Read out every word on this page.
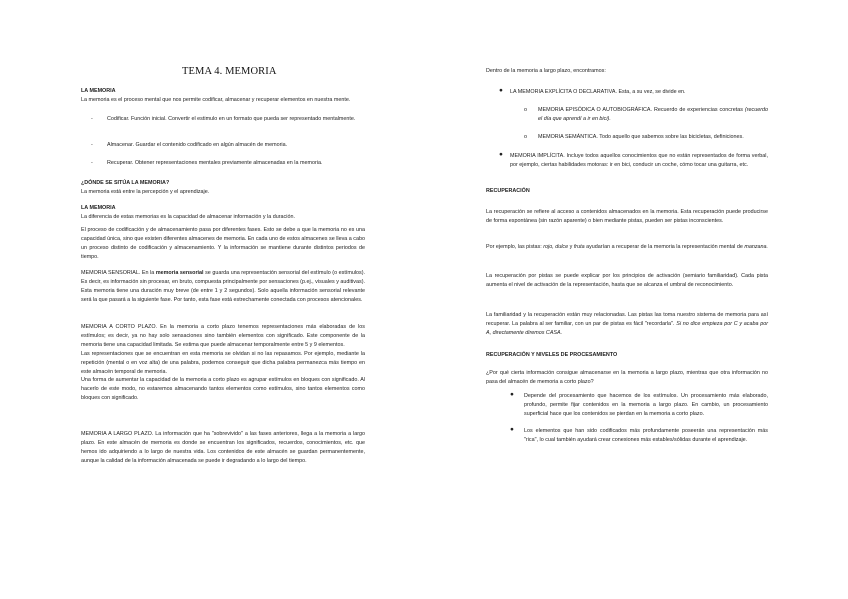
TEMA 4. MEMORIA
LA MEMORIA

La memoria es el proceso mental que nos permite codificar, almacenar y recuperar elementos en nuestra mente.

-	Codificar. Función inicial. Convertir el estimulo en un formato que pueda ser representado mentalmente.
-	Almacenar. Guardar el contenido codificado en algún almacén de memoria.
-	Recuperar. Obtener representaciones mentales previamente almacenadas en la memoria.
¿DÓNDE SE SITÚA LA MEMORIA?

La memoria está entre la percepción y el aprendizaje.

LA MEMORIA

La diferencia de estas memorias es la capacidad de almacenar información y la duración.

El proceso de codificación y de almacenamiento pasa por diferentes fases. Esto se debe a que la memoria no es una capacidad única, sino que existen diferentes almacenes de memoria. En cada uno de estos almacenes se lleva a cabo un proceso distinto de codificación y almacenamiento. Y la información se mantiene durante distintos periodos de tiempo.

MEMORIA SENSORIAL. En la memoria sensorial se guarda una representación sensorial del estímulo (o estímulos). Es decir, es información sin procesar, en bruto, compuesta principalmente por sensaciones (p.ej., visuales y auditivas). Esta memoria tiene una duración muy breve (de entre 1 y 2 segundos). Solo aquella información sensorial relevante será la que pasará a la siguiente fase. Por tanto, esta fase está estrechamente conectada con procesos atencionales.

MEMORIA A CORTO PLAZO. En la memoria a corto plazo tenemos representaciones más elaboradas de los estímulos; es decir, ya no hay solo sensaciones sino también elementos con significado. Este componente de la memoria tiene una capacidad limitada. Se estima que puede almacenar temporalmente entre 5 y 9 elementos.

Las representaciones que se encuentran en esta memoria se olvidan si no las repasamos. Por ejemplo, mediante la repetición (mental o en voz alta) de una palabra, podemos conseguir que dicha palabra permanezca más tiempo en este almacén temporal de memoria.

Una forma de aumentar la capacidad de la memoria a corto plazo es agrupar estímulos en bloques con significado. Al hacerlo de este modo, no estaremos almacenando tantos elementos como estímulos, sino tantos elementos como bloques con significado.

MEMORIA A LARGO PLAZO. La información que ha "sobrevivido" a las fases anteriores, llega a la memoria a largo plazo. En este almacén de memoria es donde se encuentran los significados, recuerdos, conocimientos, etc. que hemos ido adquiriendo a lo largo de nuestra vida. Los contenidos de este almacén se guardan permanentemente, aunque la calidad de la información almacenada se puede ir degradando a lo largo del tiempo.

Dentro de la memoria a largo plazo, encontramos:

● LA MEMORIA EXPLÍCITA O DECLARATIVA. Esta, a su vez, se divide en.
o MEMORIA EPISÓDICA O AUTOBIOGRÁFICA. Recuerdo de experiencias concretas (recuerdo el día que aprendí a ir en bici).

o MEMORIA SEMÁNTICA. Todo aquello que sabemos sobre las bicicletas, definiciones.
● MEMORIA IMPLÍCITA. Incluye todos aquellos conocimientos que no están representados de forma verbal, por ejemplo, ciertas habilidades motoras: ir en bici, conducir un coche, cómo tocar una guitarra, etc.

RECUPERACIÓN

La recuperación se refiere al acceso a contenidos almacenados en la memoria. Esta recuperación puede producirse de forma espontánea (sin razón aparente) o bien mediante pistas, pueden ser pistas inconscientes.

Por ejemplo, las pistas: rojo, dulce y fruta ayudarían a recuperar de la memoria la representación mental de manzana.

La recuperación por pistas se puede explicar por los principios de activación (semiario familiaridad). Cada pista aumenta el nivel de activación de la representación, hasta que se alcanza el umbral de reconocimiento.

La familiaridad y la recuperación están muy relacionadas. Las pistas las toma nuestro sistema de memoria para así recuperar. La palabra al ser familiar, con un par de pistas es fácil "recordarla". Si no dice empieza por C y acaba por A, directamente diremos CASA.

RECUPERACIÓN Y NIVELES DE PROCESAMIENTO

¿Por qué cierta información consigue almacenarse en la memoria a largo plazo, mientras que otra información no pasa del almacén de memoria a corto plazo?

● Depende del procesamiento que hacemos de los estímulos. Un procesamiento más elaborado, profundo, permite fijar contenidos en la memoria a largo plazo. En cambio, un procesamiento superficial hace que los contenidos se pierdan en la memoria a corto plazo.

● Los elementos que han sido codificados más profundamente poseerán una representación más "rica", lo cual también ayudará crear conexiones más estables/sólidas durante el aprendizaje.
